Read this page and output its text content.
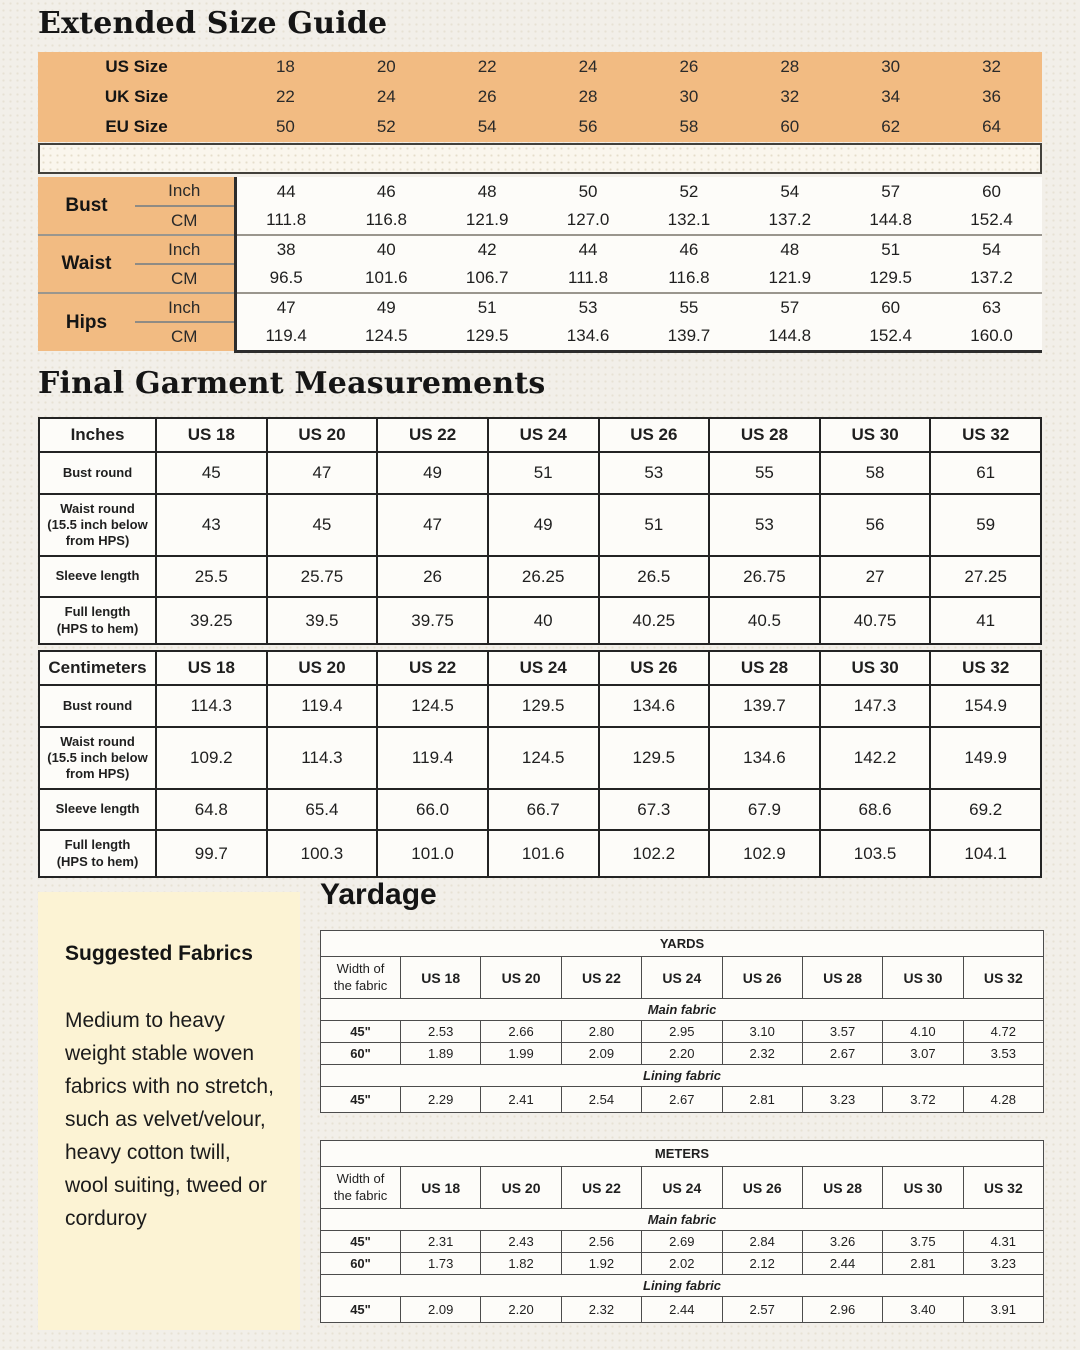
Extended Size Guide
US Size	18	20	22	24	26	28	30	32
UK Size	22	24	26	28	30	32	34	36
EU Size	50	52	54	56	58	60	62	64
Bust	Inch	44	46	48	50	52	54	57	60
	CM	111.8	116.8	121.9	127.0	132.1	137.2	144.8	152.4
Waist	Inch	38	40	42	44	46	48	51	54
	CM	96.5	101.6	106.7	111.8	116.8	121.9	129.5	137.2
Hips	Inch	47	49	51	53	55	57	60	63
	CM	119.4	124.5	129.5	134.6	139.7	144.8	152.4	160.0
Final Garment Measurements
Inches	US 18	US 20	US 22	US 24	US 26	US 28	US 30	US 32
Bust round	45	47	49	51	53	55	58	61
Waist round
(15.5 inch below
from HPS)	43	45	47	49	51	53	56	59
Sleeve length	25.5	25.75	26	26.25	26.5	26.75	27	27.25
Full length
(HPS to hem)	39.25	39.5	39.75	40	40.25	40.5	40.75	41
Centimeters	US 18	US 20	US 22	US 24	US 26	US 28	US 30	US 32
Bust round	114.3	119.4	124.5	129.5	134.6	139.7	147.3	154.9
Waist round
(15.5 inch below
from HPS)	109.2	114.3	119.4	124.5	129.5	134.6	142.2	149.9
Sleeve length	64.8	65.4	66.0	66.7	67.3	67.9	68.6	69.2
Full length
(HPS to hem)	99.7	100.3	101.0	101.6	102.2	102.9	103.5	104.1
Suggested Fabrics

Medium to heavy weight stable woven fabrics with no stretch, such as velvet/velour, heavy cotton twill, wool suiting, tweed or corduroy

Yardage
YARDS								
Width of
the fabric	US 18	US 20	US 22	US 24	US 26	US 28	US 30	US 32
Main fabric								
45"	2.53	2.66	2.80	2.95	3.10	3.57	4.10	4.72
60"	1.89	1.99	2.09	2.20	2.32	2.67	3.07	3.53
Lining fabric								
45"	2.29	2.41	2.54	2.67	2.81	3.23	3.72	4.28
METERS								
Width of
the fabric	US 18	US 20	US 22	US 24	US 26	US 28	US 30	US 32
Main fabric								
45"	2.31	2.43	2.56	2.69	2.84	3.26	3.75	4.31
60"	1.73	1.82	1.92	2.02	2.12	2.44	2.81	3.23
Lining fabric								
45"	2.09	2.20	2.32	2.44	2.57	2.96	3.40	3.91
